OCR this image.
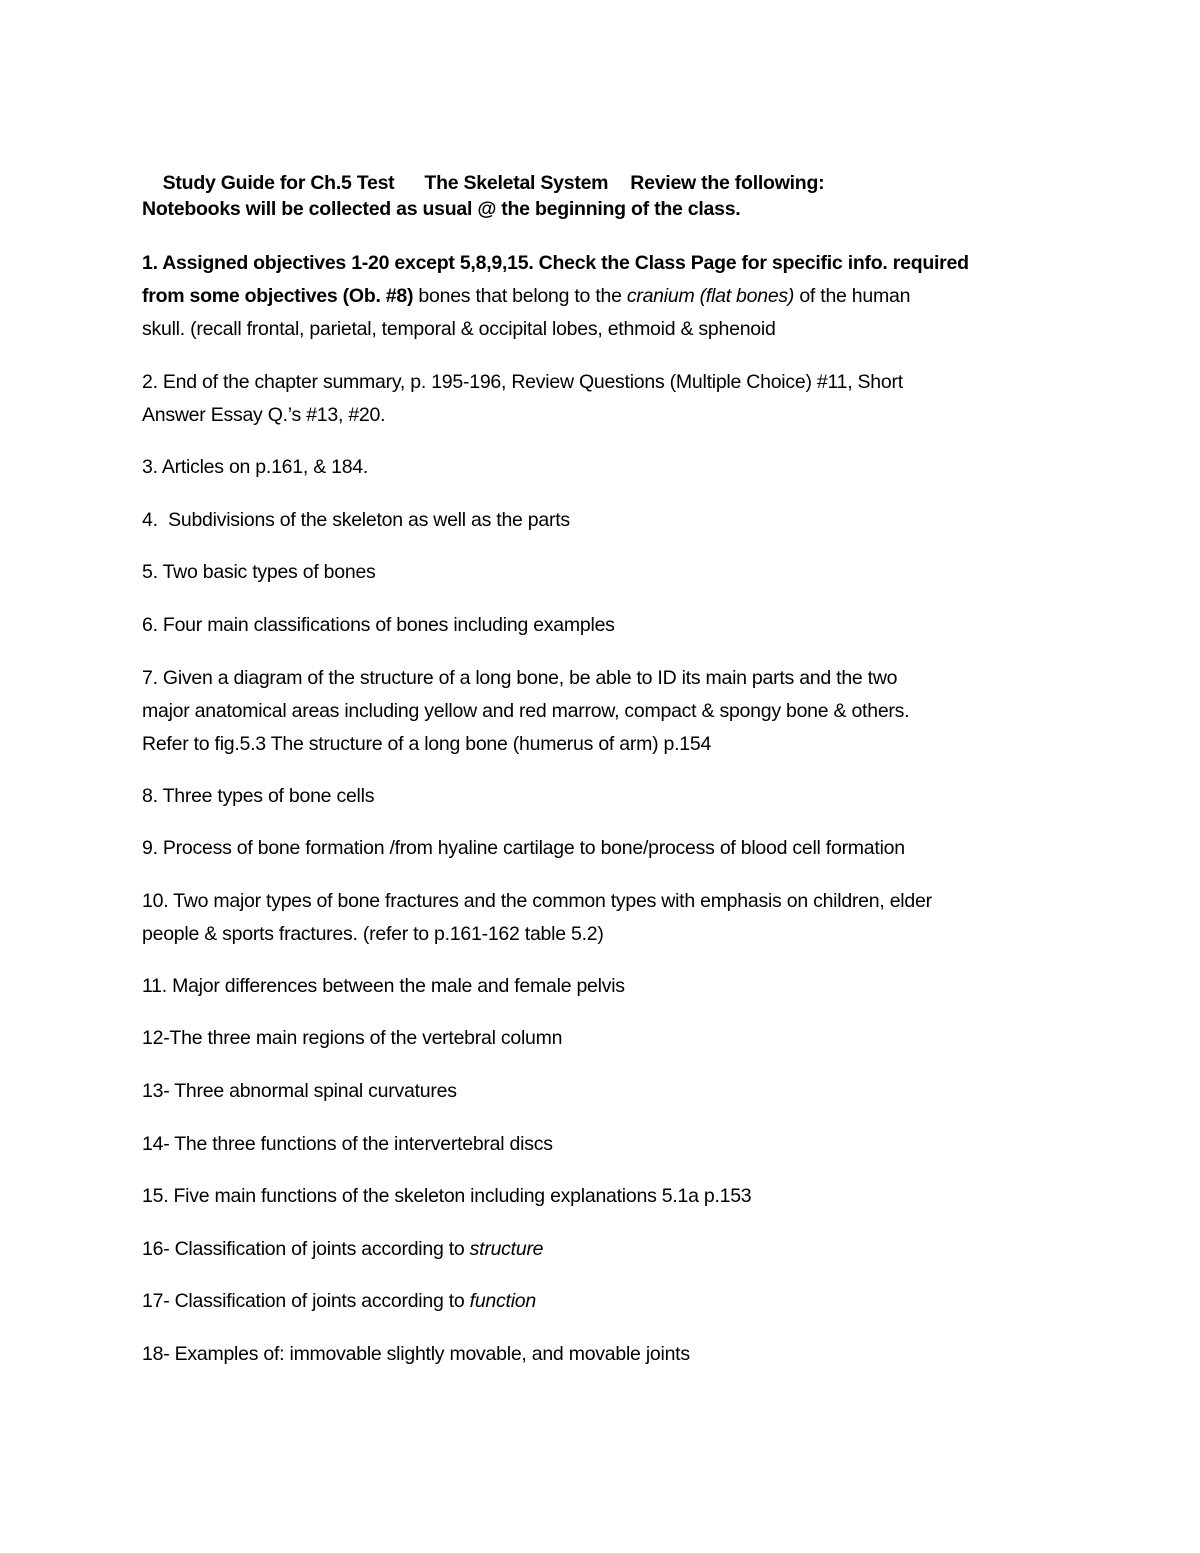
Study Guide for Ch.5 Test The Skeletal System Review the following:

Notebooks will be collected as usual @ the beginning of the class.
1. Assigned objectives 1-20 except 5,8,9,15. Check the Class Page for specific info. required
from some objectives (Ob. #8) bones that belong to the cranium (flat bones) of the human
skull. (recall frontal, parietal, temporal & occipital lobes, ethmoid & sphenoid
2. End of the chapter summary, p. 195-196, Review Questions (Multiple Choice) #11, Short
Answer Essay Q.’s #13, #20.
3. Articles on p.161, & 184.
4.  Subdivisions of the skeleton as well as the parts
5. Two basic types of bones
6. Four main classifications of bones including examples
7. Given a diagram of the structure of a long bone, be able to ID its main parts and the two
major anatomical areas including yellow and red marrow, compact & spongy bone & others.
Refer to fig.5.3 The structure of a long bone (humerus of arm) p.154
8. Three types of bone cells
9. Process of bone formation /from hyaline cartilage to bone/process of blood cell formation
10. Two major types of bone fractures and the common types with emphasis on children, elder
people & sports fractures. (refer to p.161-162 table 5.2)
11. Major differences between the male and female pelvis
12-The three main regions of the vertebral column
13- Three abnormal spinal curvatures
14- The three functions of the intervertebral discs
15. Five main functions of the skeleton including explanations 5.1a p.153
16- Classification of joints according to structure
17- Classification of joints according to function
18- Examples of: immovable slightly movable, and movable joints
